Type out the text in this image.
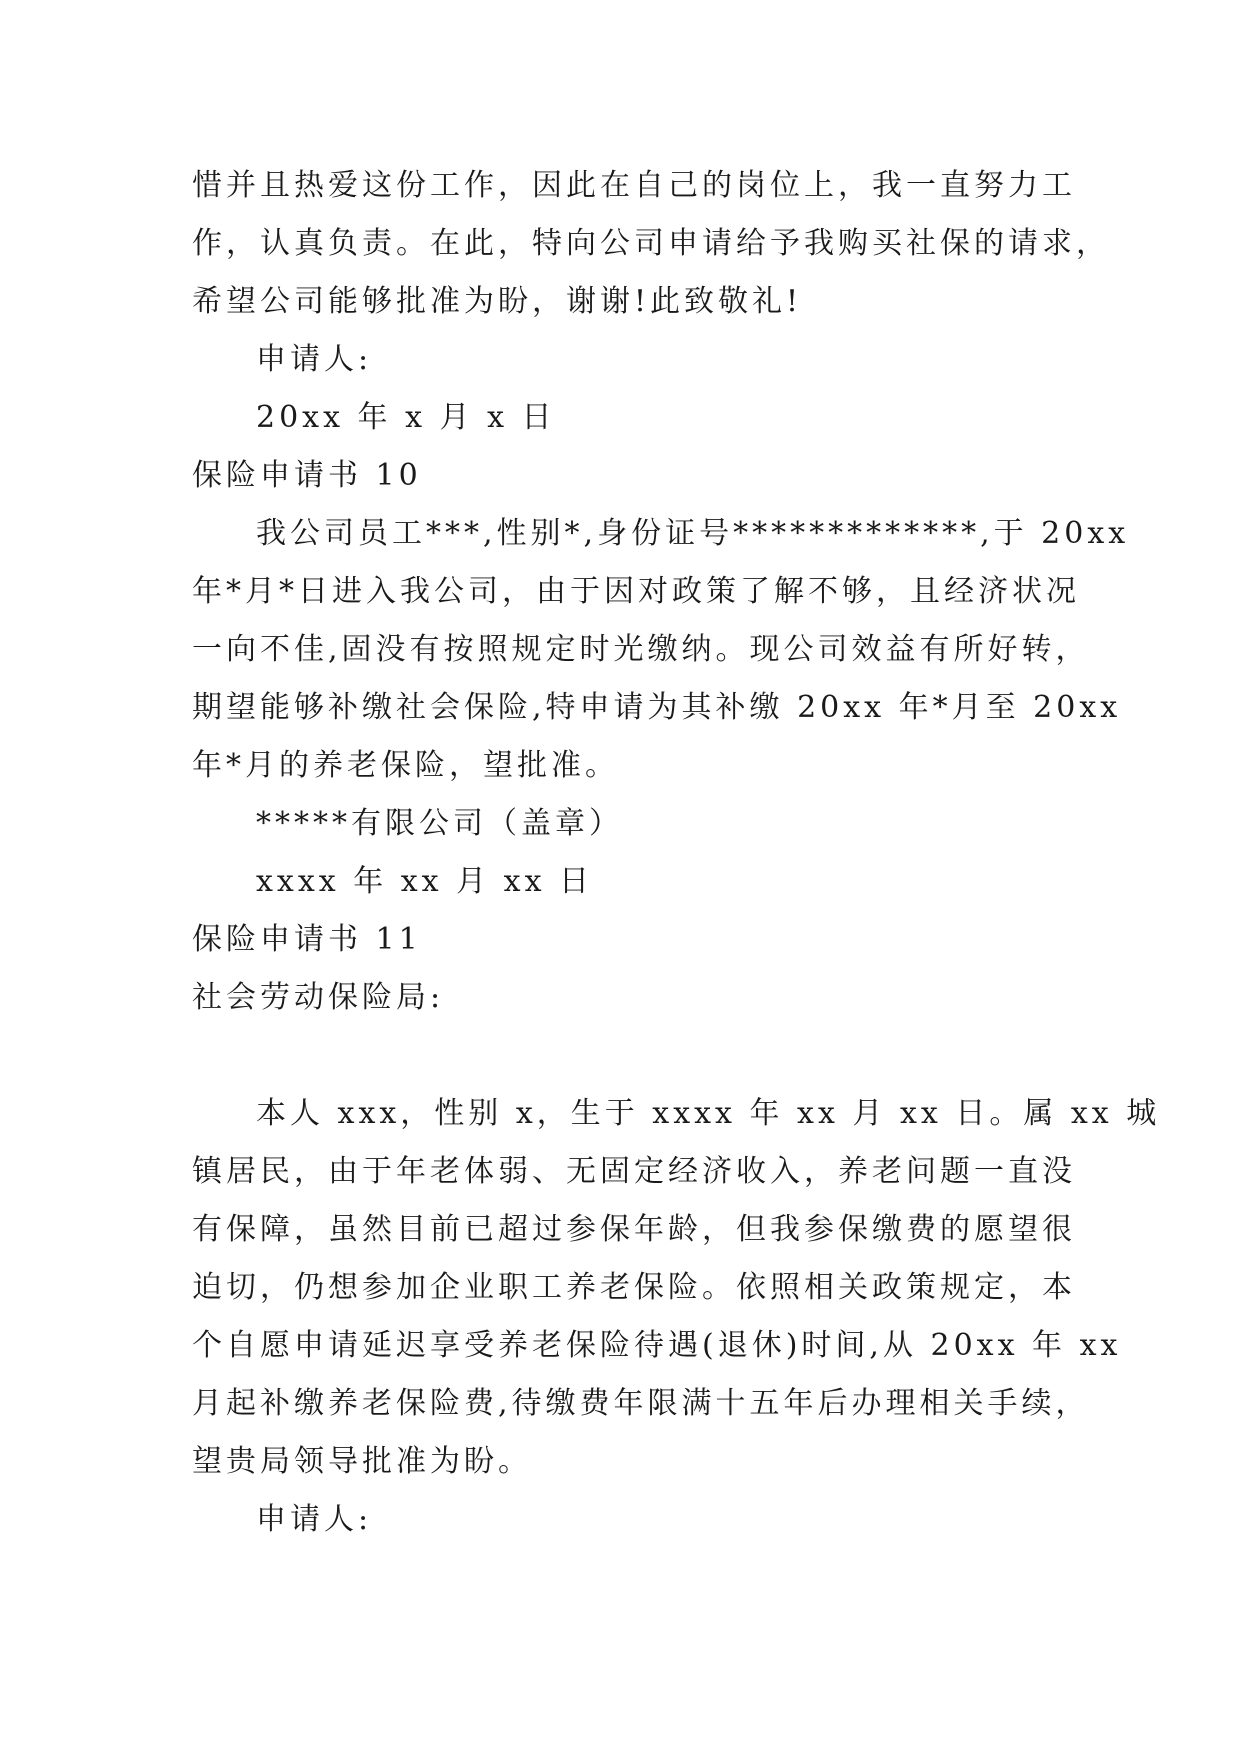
惜并且热爱这份工作，因此在自己的岗位上，我一直努力工
作，认真负责。在此，特向公司申请给予我购买社保的请求，
希望公司能够批准为盼，谢谢!此致敬礼!
申请人:
20xx 年 x 月 x 日
保险申请书 10
我公司员工***,性别*,身份证号*************,于 20xx
年*月*日进入我公司，由于因对政策了解不够，且经济状况
一向不佳,固没有按照规定时光缴纳。现公司效益有所好转，
期望能够补缴社会保险,特申请为其补缴 20xx 年*月至 20xx
年*月的养老保险，望批准。
*****有限公司（盖章）
xxxx 年 xx 月 xx 日
保险申请书 11
社会劳动保险局:
本人 xxx，性别 x，生于 xxxx 年 xx 月 xx 日。属 xx 城
镇居民，由于年老体弱、无固定经济收入，养老问题一直没
有保障，虽然目前已超过参保年龄，但我参保缴费的愿望很
迫切，仍想参加企业职工养老保险。依照相关政策规定，本
个自愿申请延迟享受养老保险待遇(退休)时间,从 20xx 年 xx
月起补缴养老保险费,待缴费年限满十五年后办理相关手续，
望贵局领导批准为盼。
申请人:
